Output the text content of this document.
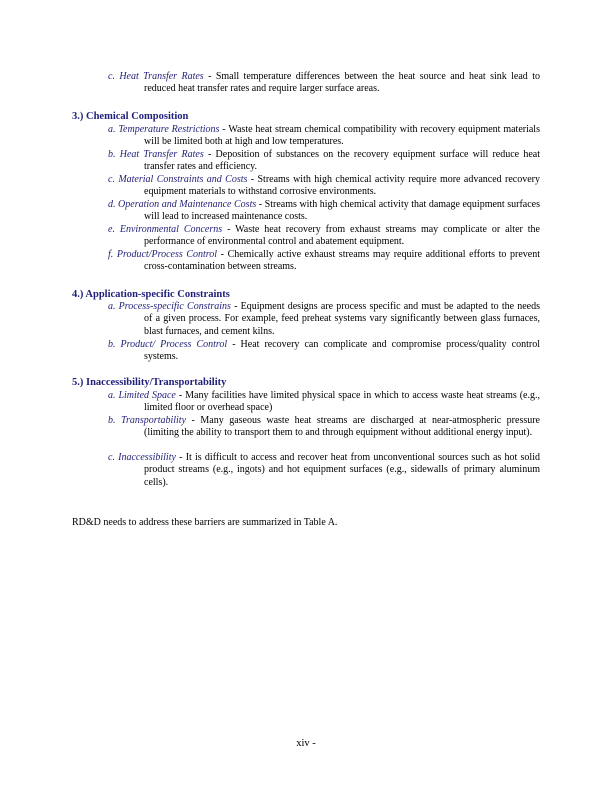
c. Heat Transfer Rates - Small temperature differences between the heat source and heat sink lead to reduced heat transfer rates and require larger surface areas.
3.) Chemical Composition
a. Temperature Restrictions - Waste heat stream chemical compatibility with recovery equipment materials will be limited both at high and low temperatures.
b. Heat Transfer Rates - Deposition of substances on the recovery equipment surface will reduce heat transfer rates and efficiency.
c. Material Constraints and Costs - Streams with high chemical activity require more advanced recovery equipment materials to withstand corrosive environments.
d. Operation and Maintenance Costs - Streams with high chemical activity that damage equipment surfaces will lead to increased maintenance costs.
e. Environmental Concerns - Waste heat recovery from exhaust streams may complicate or alter the performance of environmental control and abatement equipment.
f. Product/Process Control - Chemically active exhaust streams may require additional efforts to prevent cross-contamination between streams.
4.) Application-specific Constraints
a. Process-specific Constrains - Equipment designs are process specific and must be adapted to the needs of a given process. For example, feed preheat systems vary significantly between glass furnaces, blast furnaces, and cement kilns.
b. Product/ Process Control - Heat recovery can complicate and compromise process/quality control systems.
5.) Inaccessibility/Transportability
a. Limited Space - Many facilities have limited physical space in which to access waste heat streams (e.g., limited floor or overhead space)
b. Transportability - Many gaseous waste heat streams are discharged at near-atmospheric pressure (limiting the ability to transport them to and through equipment without additional energy input).
c. Inaccessibility - It is difficult to access and recover heat from unconventional sources such as hot solid product streams (e.g., ingots) and hot equipment surfaces (e.g., sidewalls of primary aluminum cells).
RD&D needs to address these barriers are summarized in Table A.
xiv -
